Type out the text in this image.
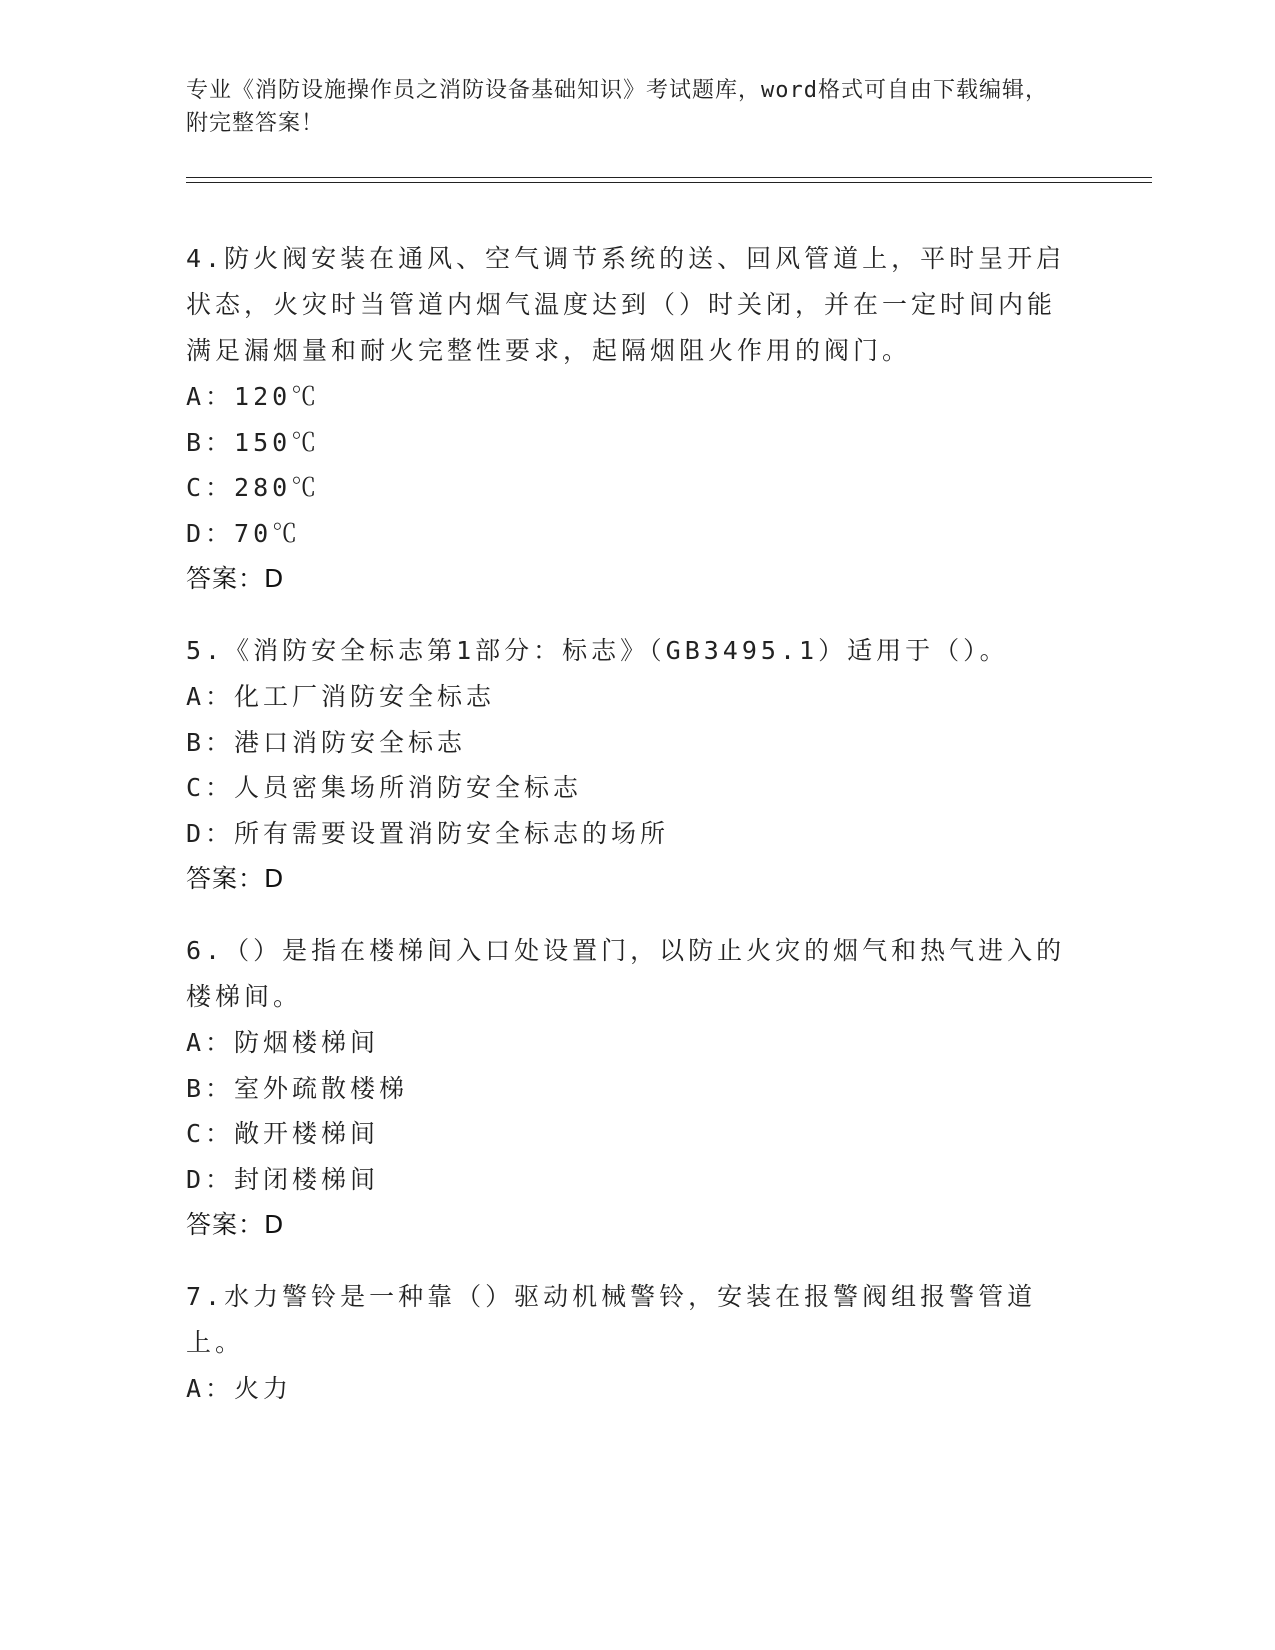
专业《消防设施操作员之消防设备基础知识》考试题库，word格式可自由下载编辑，附完整答案！

4.防火阀安装在通风、空气调节系统的送、回风管道上，平时呈开启状态，火灾时当管道内烟气温度达到（）时关闭，并在一定时间内能满足漏烟量和耐火完整性要求，起隔烟阻火作用的阀门。

A：120℃

B：150℃

C：280℃

D：70℃

答案：D

5.《消防安全标志第1部分：标志》（GB3495.1）适用于（）。

A：化工厂消防安全标志

B：港口消防安全标志

C：人员密集场所消防安全标志

D：所有需要设置消防安全标志的场所

答案：D

6.（）是指在楼梯间入口处设置门，以防止火灾的烟气和热气进入的楼梯间。

A：防烟楼梯间

B：室外疏散楼梯

C：敞开楼梯间

D：封闭楼梯间

答案：D

7.水力警铃是一种靠（）驱动机械警铃，安装在报警阀组报警管道上。

A：火力
